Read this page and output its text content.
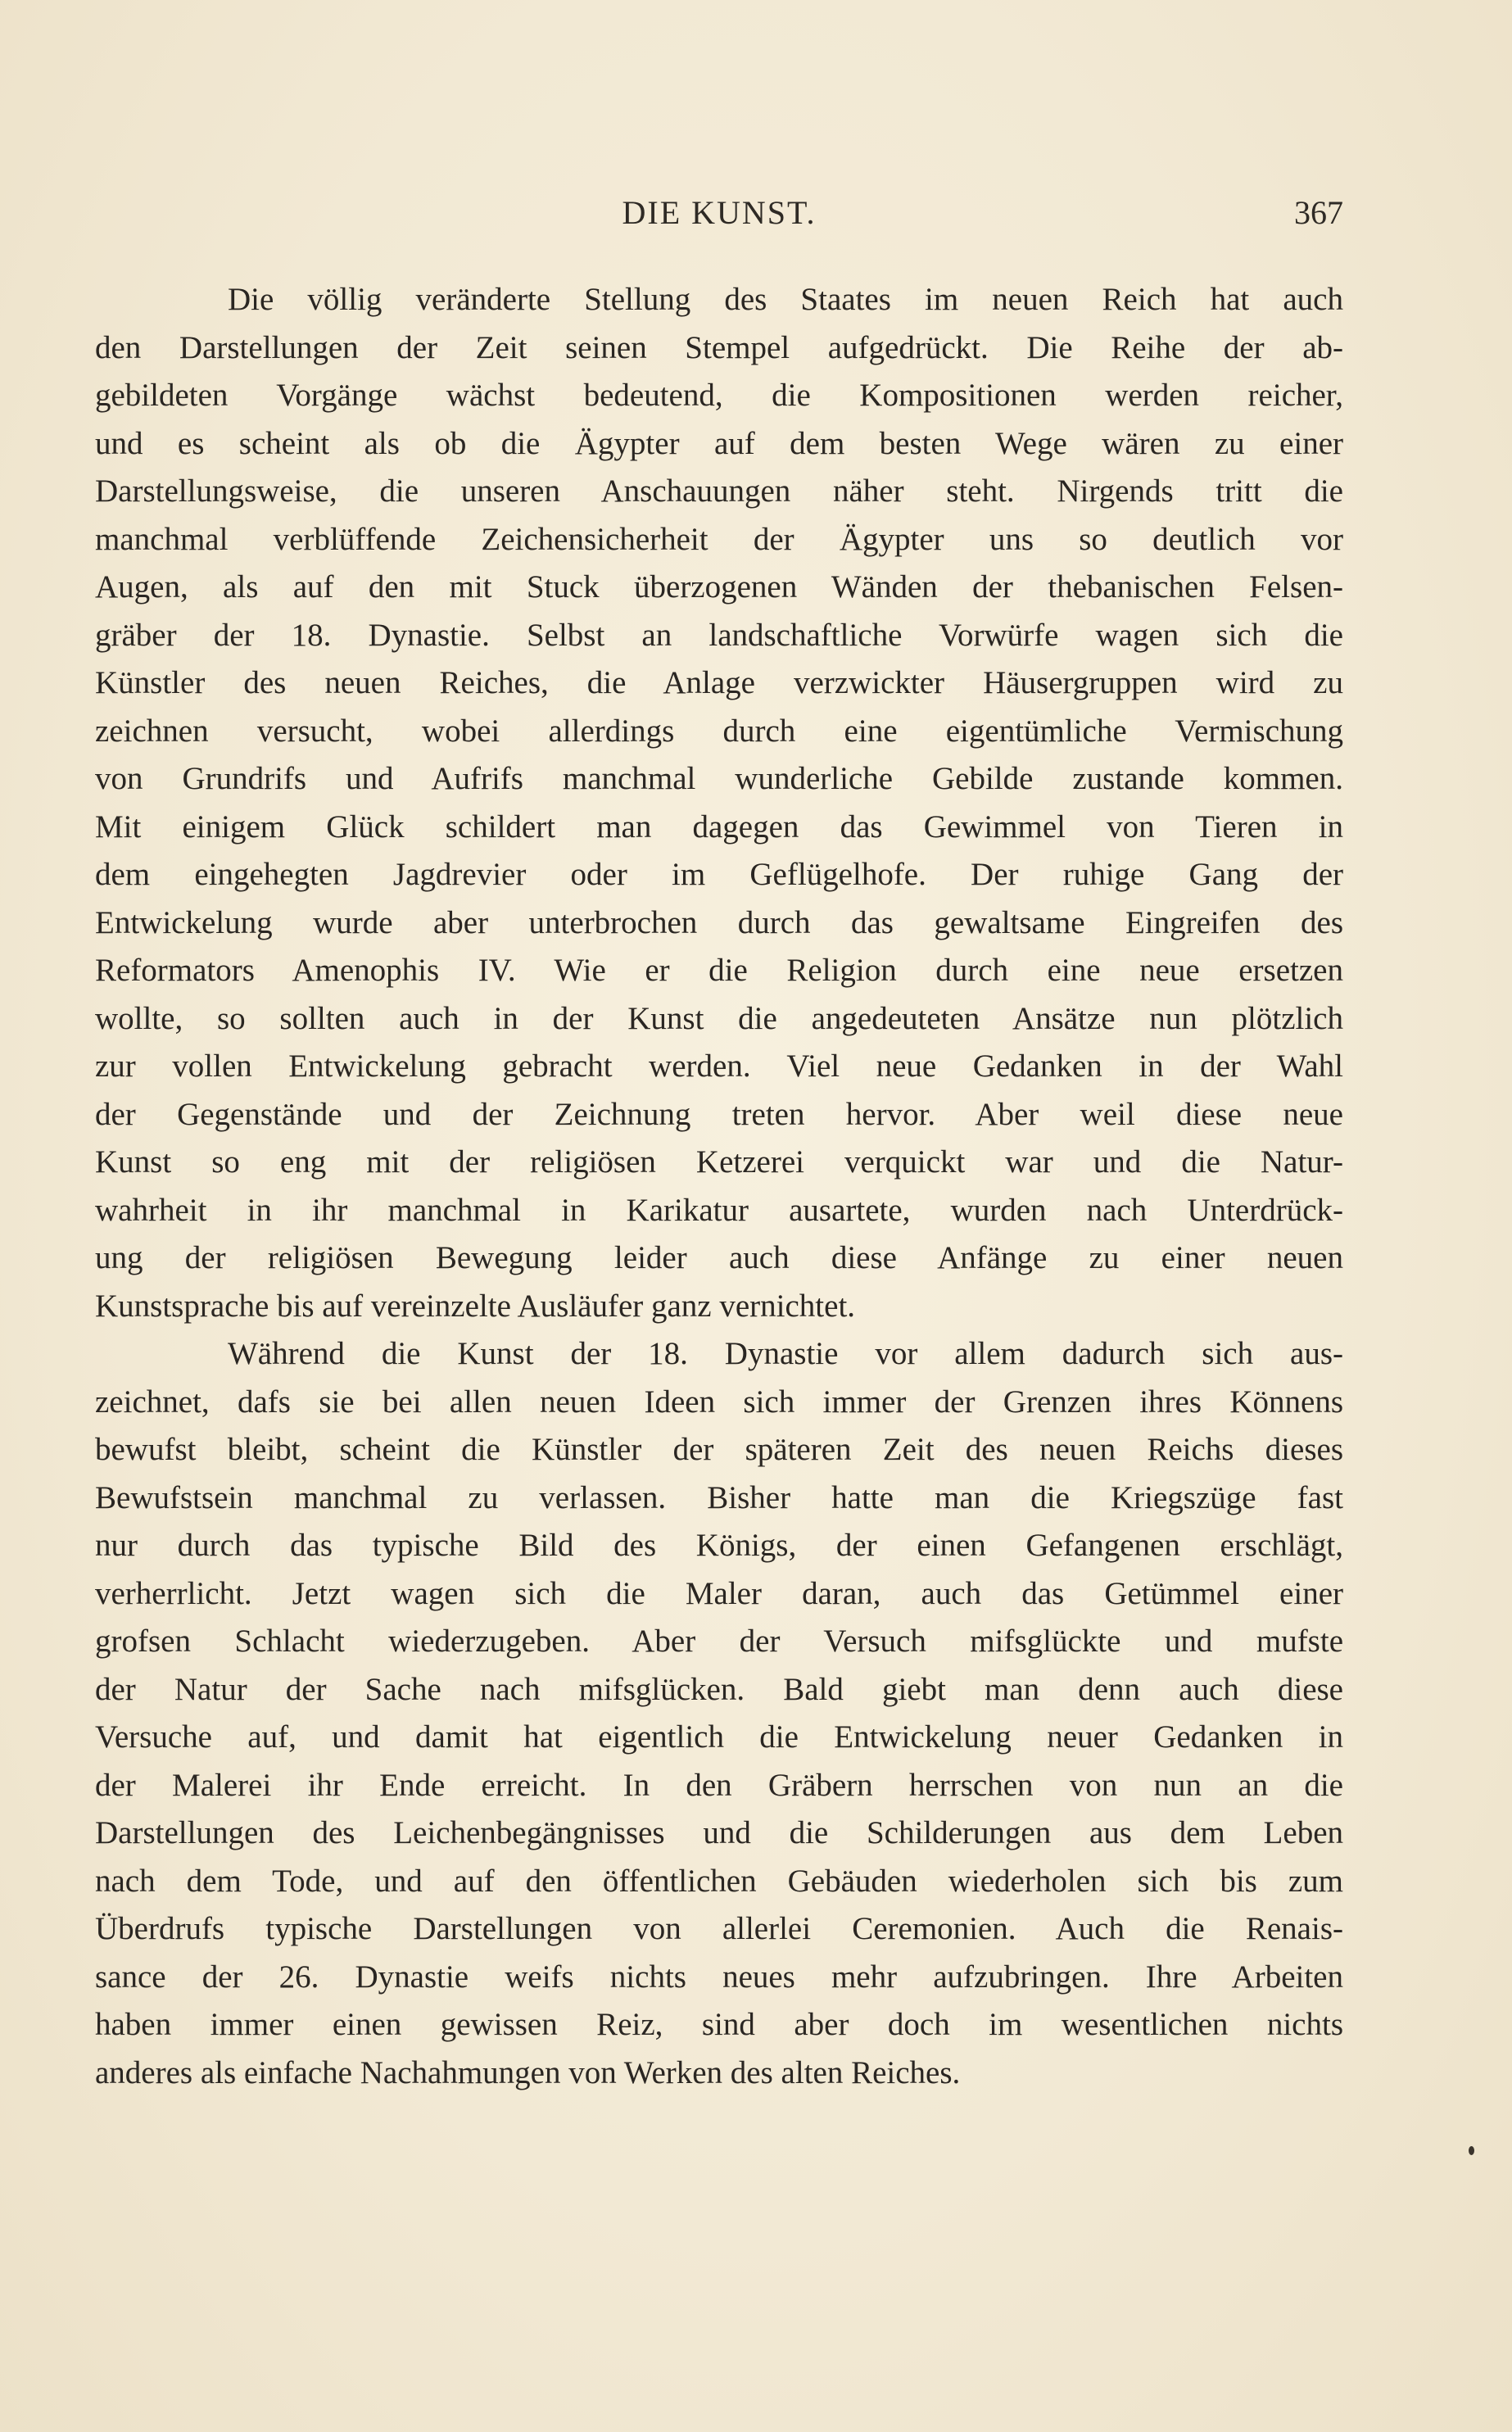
DIE KUNST.	367
Die völlig veränderte Stellung des Staates im neuen Reich hat auch
den Darstellungen der Zeit seinen Stempel aufgedrückt. Die Reihe der ab-
gebildeten Vorgänge wächst bedeutend, die Kompositionen werden reicher,
und es scheint als ob die Ägypter auf dem besten Wege wären zu einer
Darstellungsweise, die unseren Anschauungen näher steht. Nirgends tritt die
manchmal verblüffende Zeichensicherheit der Ägypter uns so deutlich vor
Augen, als auf den mit Stuck überzogenen Wänden der thebanischen Felsen-
gräber der 18. Dynastie. Selbst an landschaftliche Vorwürfe wagen sich die
Künstler des neuen Reiches, die Anlage verzwickter Häusergruppen wird zu
zeichnen versucht, wobei allerdings durch eine eigentümliche Vermischung
von Grundrifs und Aufrifs manchmal wunderliche Gebilde zustande kommen.
Mit einigem Glück schildert man dagegen das Gewimmel von Tieren in
dem eingehegten Jagdrevier oder im Geflügelhofe. Der ruhige Gang der
Entwickelung wurde aber unterbrochen durch das gewaltsame Eingreifen des
Reformators Amenophis IV. Wie er die Religion durch eine neue ersetzen
wollte, so sollten auch in der Kunst die angedeuteten Ansätze nun plötzlich
zur vollen Entwickelung gebracht werden. Viel neue Gedanken in der Wahl
der Gegenstände und der Zeichnung treten hervor. Aber weil diese neue
Kunst so eng mit der religiösen Ketzerei verquickt war und die Natur-
wahrheit in ihr manchmal in Karikatur ausartete, wurden nach Unterdrück-
ung der religiösen Bewegung leider auch diese Anfänge zu einer neuen
Kunstsprache bis auf vereinzelte Ausläufer ganz vernichtet.
Während die Kunst der 18. Dynastie vor allem dadurch sich aus-
zeichnet, dafs sie bei allen neuen Ideen sich immer der Grenzen ihres Könnens
bewufst bleibt, scheint die Künstler der späteren Zeit des neuen Reichs dieses
Bewufstsein manchmal zu verlassen. Bisher hatte man die Kriegszüge fast
nur durch das typische Bild des Königs, der einen Gefangenen erschlägt,
verherrlicht. Jetzt wagen sich die Maler daran, auch das Getümmel einer
grofsen Schlacht wiederzugeben. Aber der Versuch mifsglückte und mufste
der Natur der Sache nach mifsglücken. Bald giebt man denn auch diese
Versuche auf, und damit hat eigentlich die Entwickelung neuer Gedanken in
der Malerei ihr Ende erreicht. In den Gräbern herrschen von nun an die
Darstellungen des Leichenbegängnisses und die Schilderungen aus dem Leben
nach dem Tode, und auf den öffentlichen Gebäuden wiederholen sich bis zum
Überdrufs typische Darstellungen von allerlei Ceremonien. Auch die Renais-
sance der 26. Dynastie weifs nichts neues mehr aufzubringen. Ihre Arbeiten
haben immer einen gewissen Reiz, sind aber doch im wesentlichen nichts
anderes als einfache Nachahmungen von Werken des alten Reiches.
